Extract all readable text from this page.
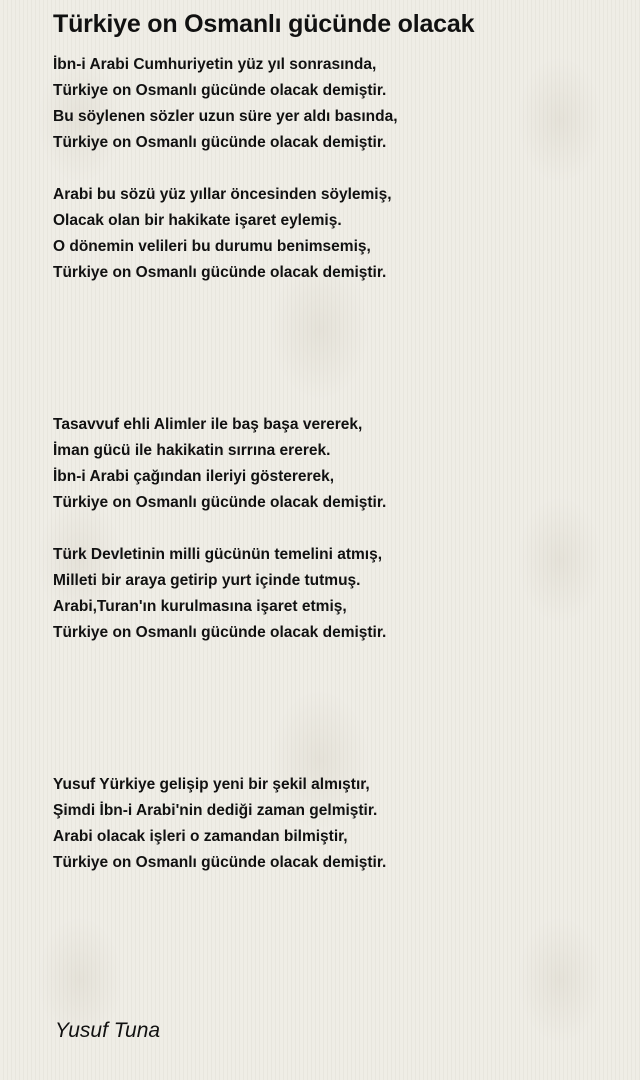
Türkiye on Osmanlı gücünde olacak
İbn-i Arabi Cumhuriyetin yüz yıl sonrasında,
Türkiye on Osmanlı gücünde olacak demiştir.
Bu söylenen sözler uzun süre yer aldı basında,
Türkiye on Osmanlı gücünde olacak demiştir.
Arabi bu sözü yüz yıllar öncesinden söylemiş,
Olacak olan bir hakikate işaret eylemiş.
O dönemin velileri bu durumu benimsemiş,
Türkiye on Osmanlı gücünde olacak demiştir.
Tasavvuf ehli Alimler ile baş başa vererek,
İman gücü ile hakikatin sırrına ererek.
İbn-i Arabi çağından ileriyi göstererek,
Türkiye on Osmanlı gücünde olacak demiştir.
Türk Devletinin milli gücünün temelini atmış,
Milleti bir araya getirip yurt içinde tutmuş.
Arabi,Turan'ın kurulmasına işaret etmiş,
Türkiye on Osmanlı gücünde olacak demiştir.
Yusuf Yürkiye gelişip yeni bir şekil almıştır,
Şimdi İbn-i Arabi'nin dediği zaman gelmiştir.
Arabi olacak işleri o zamandan bilmiştir,
Türkiye on Osmanlı gücünde olacak demiştir.

Yusuf Tuna
